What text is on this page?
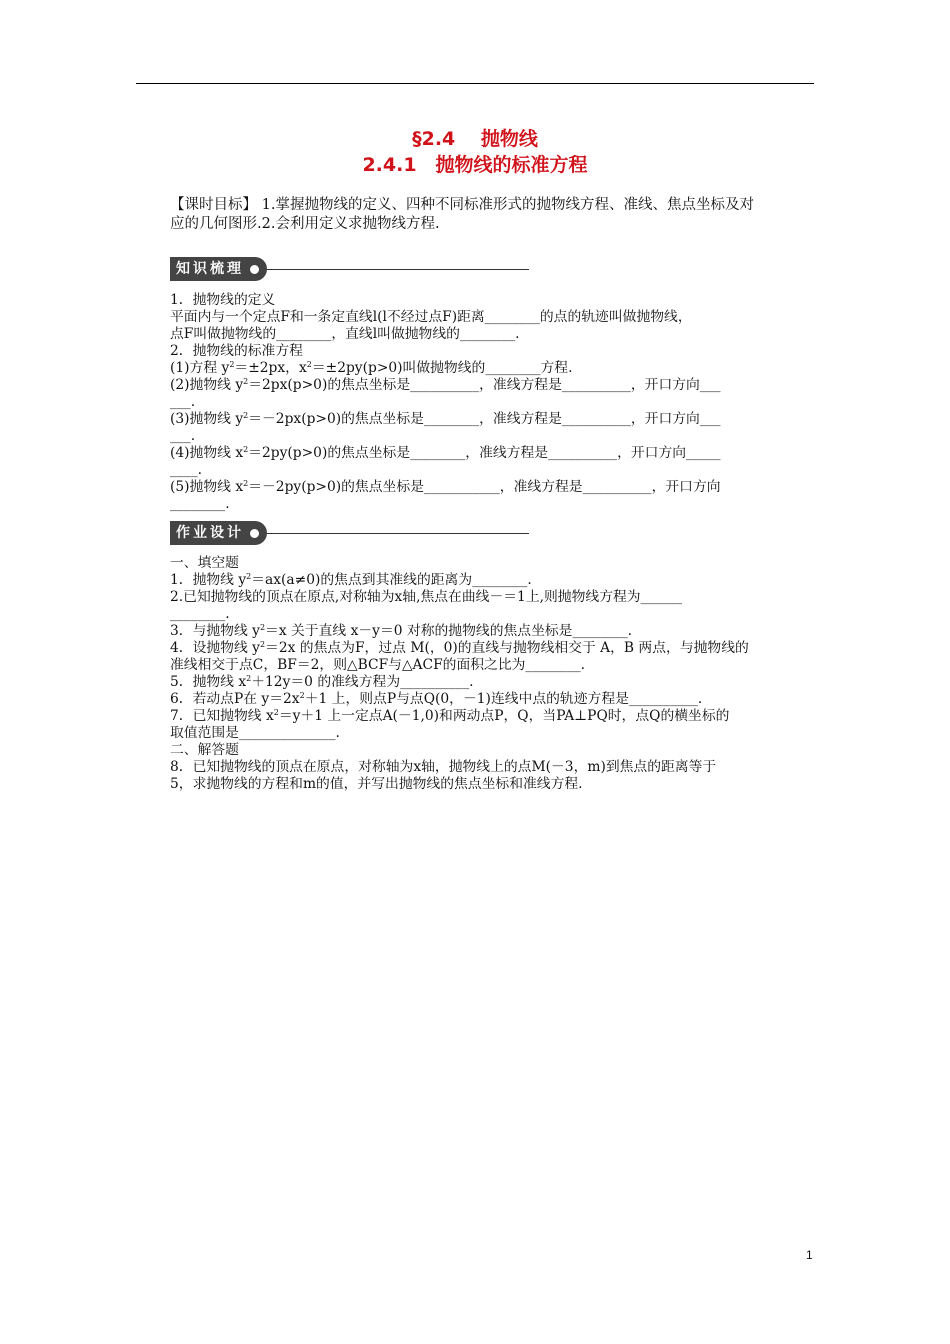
§2.4　 抛物线
2.4.1　抛物线的标准方程
【课时目标】 1.掌握抛物线的定义、四种不同标准形式的抛物线方程、准线、焦点坐标及对
应的几何图形.2.会利用定义求抛物线方程.
知识梳理
1．抛物线的定义
平面内与一个定点F和一条定直线l(l不经过点F)距离________的点的轨迹叫做抛物线，
点F叫做抛物线的________，直线l叫做抛物线的________.
2．抛物线的标准方程
(1)方程 $y^2=\pm 2px$，$x^2=\pm 2py(p>0)$叫做抛物线的________方程.
(2)抛物线 $y^2=2px(p>0)$的焦点坐标是__________，准线方程是__________，开口方向___
___.
(3)抛物线 $y^2=-2px(p>0)$的焦点坐标是________，准线方程是__________，开口方向___
___.
(4)抛物线 $x^2=2py(p>0)$的焦点坐标是________，准线方程是__________，开口方向_____
____.
(5)抛物线 $x^2=-2py(p>0)$的焦点坐标是___________，准线方程是__________，开口方向
________.
作业设计
一、填空题
1．抛物线 $y^2=ax(a\ne 0)$的焦点到其准线的距离为________.
2.已知抛物线的顶点在原点,对称轴为x轴,焦点在曲线－＝1上,则抛物线方程为______
________.
3．与抛物线 $y^2=x$ 关于直线 x－y＝0 对称的抛物线的焦点坐标是________.
4．设抛物线 $y^2=2x$ 的焦点为F，过点 M(，0)的直线与抛物线相交于 A，B 两点，与抛物线的
准线相交于点C，BF＝2，则△BCF与△ACF的面积之比为________.
5．抛物线 $x^2+12y=0$ 的准线方程为__________.
6．若动点P在 $y=2x^2+1$ 上，则点P与点Q(0，－1)连线中点的轨迹方程是__________.
7．已知抛物线 $x^2=y+1$ 上一定点A(－1,0)和两动点P，Q，当PA⊥PQ时，点Q的横坐标的
取值范围是______________.
二、解答题
8．已知抛物线的顶点在原点，对称轴为x轴，抛物线上的点M(－3，m)到焦点的距离等于
5，求抛物线的方程和m的值，并写出抛物线的焦点坐标和准线方程.
1
